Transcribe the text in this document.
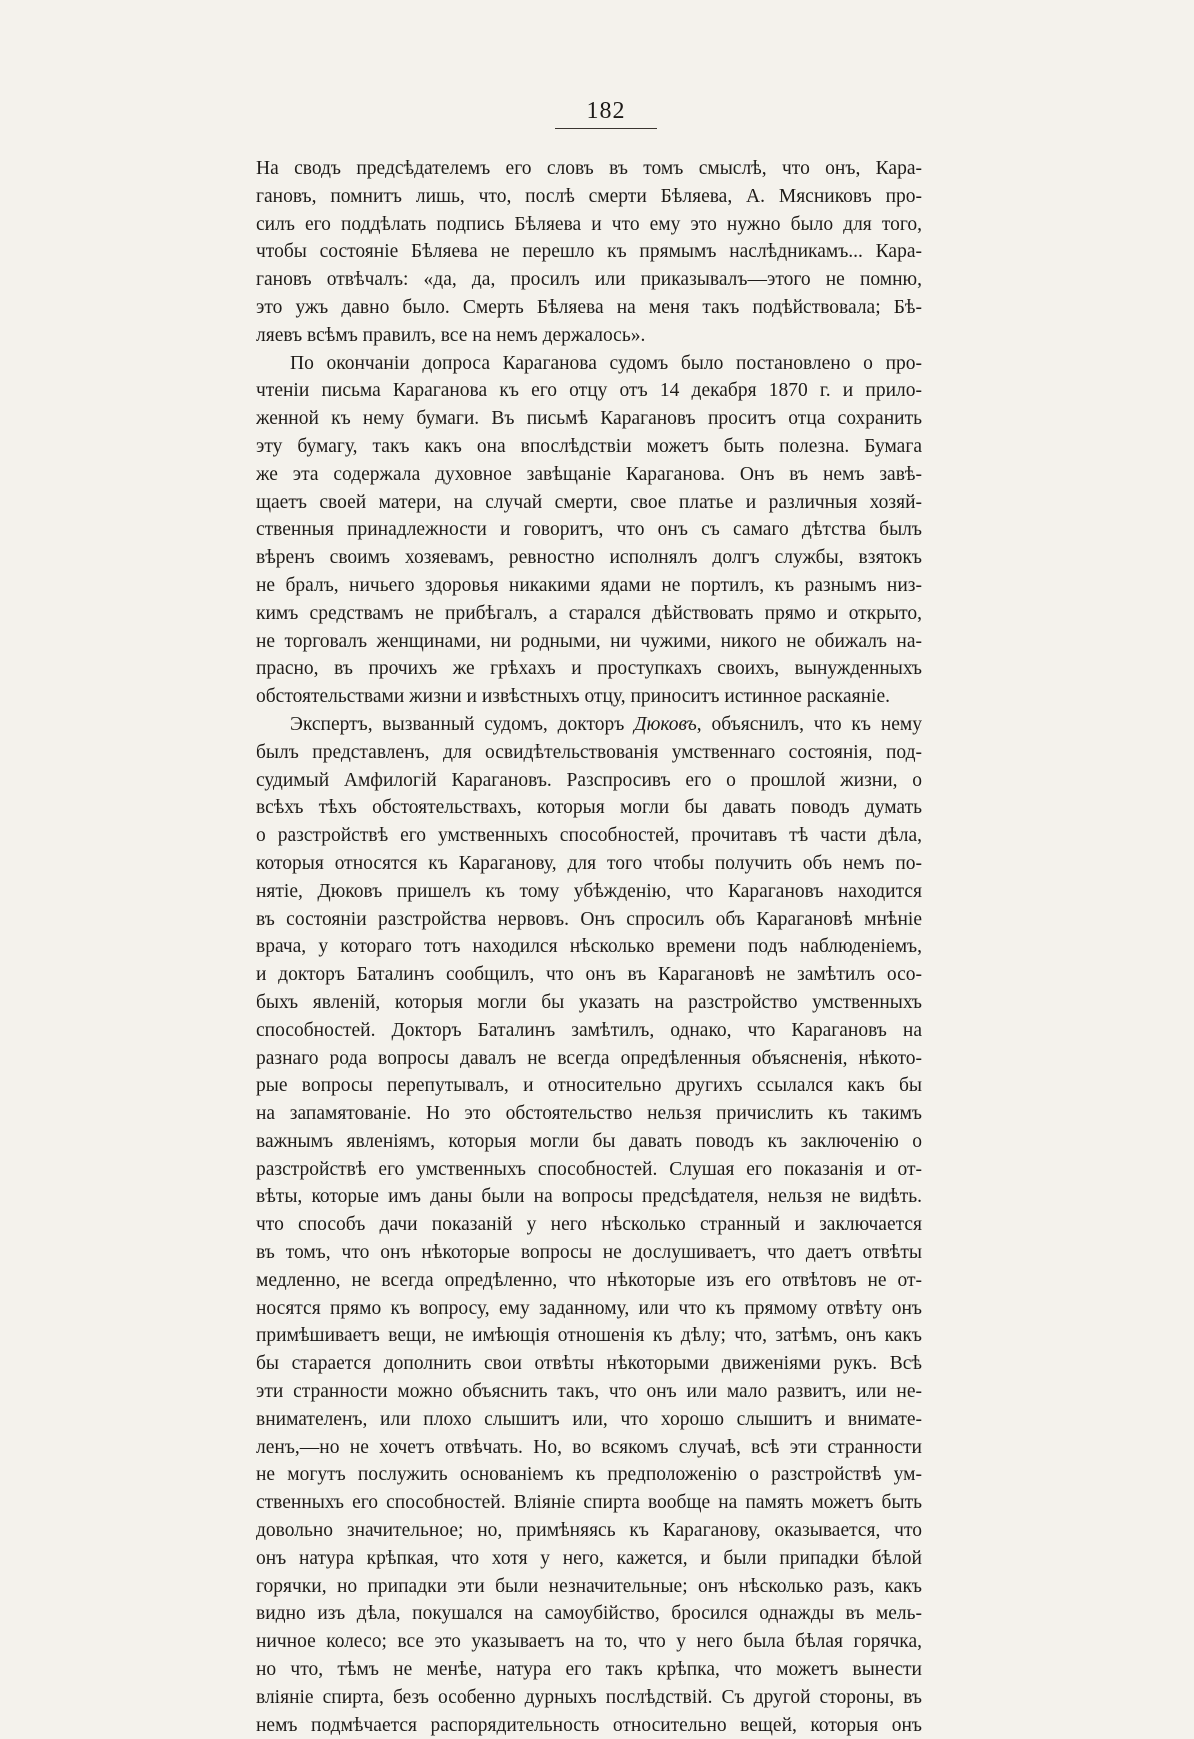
182
На сводъ предсѣдателемъ его словъ въ томъ смыслѣ, что онъ, Кара-
гановъ, помнитъ лишь, что, послѣ смерти Бѣляева, А. Мясниковъ про-
силъ его поддѣлать подпись Бѣляева и что ему это нужно было для того,
чтобы состояніе Бѣляева не перешло къ прямымъ наслѣдникамъ... Кара-
гановъ отвѣчалъ: «да, да, просилъ или приказывалъ—этого не помню,
это ужъ давно было. Смерть Бѣляева на меня такъ подѣйствовала; Бѣ-
ляевъ всѣмъ правилъ, все на немъ держалось».
По окончаніи допроса Караганова судомъ было постановлено о про-
чтеніи письма Караганова къ его отцу отъ 14 декабря 1870 г. и прило-
женной къ нему бумаги. Въ письмѣ Карагановъ проситъ отца сохранить
эту бумагу, такъ какъ она впослѣдствіи можетъ быть полезна. Бумага
же эта содержала духовное завѣщаніе Караганова. Онъ въ немъ завѣ-
щаетъ своей матери, на случай смерти, свое платье и различныя хозяй-
ственныя принадлежности и говоритъ, что онъ съ самаго дѣтства былъ
вѣренъ своимъ хозяевамъ, ревностно исполнялъ долгъ службы, взятокъ
не бралъ, ничьего здоровья никакими ядами не портилъ, къ разнымъ низ-
кимъ средствамъ не прибѣгалъ, а старался дѣйствовать прямо и открыто,
не торговалъ женщинами, ни родными, ни чужими, никого не обижалъ на-
прасно, въ прочихъ же грѣхахъ и проступкахъ своихъ, вынужденныхъ
обстоятельствами жизни и извѣстныхъ отцу, приноситъ истинное раскаяніе.
Экспертъ, вызванный судомъ, докторъ Дюковъ, объяснилъ, что къ нему
былъ представленъ, для освидѣтельствованія умственнаго состоянія, под-
судимый Амфилогій Карагановъ. Разспросивъ его о прошлой жизни, о
всѣхъ тѣхъ обстоятельствахъ, которыя могли бы давать поводъ думать
о разстройствѣ его умственныхъ способностей, прочитавъ тѣ части дѣла,
которыя относятся къ Караганову, для того чтобы получить объ немъ по-
нятіе, Дюковъ пришелъ къ тому убѣжденію, что Карагановъ находится
въ состояніи разстройства нервовъ. Онъ спросилъ объ Карагановѣ мнѣніе
врача, у котораго тотъ находился нѣсколько времени подъ наблюденіемъ,
и докторъ Баталинъ сообщилъ, что онъ въ Карагановѣ не замѣтилъ осо-
быхъ явленій, которыя могли бы указать на разстройство умственныхъ
способностей. Докторъ Баталинъ замѣтилъ, однако, что Карагановъ на
разнаго рода вопросы давалъ не всегда опредѣленныя объясненія, нѣкото-
рые вопросы перепутывалъ, и относительно другихъ ссылался какъ бы
на запамятованіе. Но это обстоятельство нельзя причислить къ такимъ
важнымъ явленіямъ, которыя могли бы давать поводъ къ заключенію о
разстройствѣ его умственныхъ способностей. Слушая его показанія и от-
вѣты, которые имъ даны были на вопросы предсѣдателя, нельзя не видѣть.
что способъ дачи показаній у него нѣсколько странный и заключается
въ томъ, что онъ нѣкоторые вопросы не дослушиваетъ, что даетъ отвѣты
медленно, не всегда опредѣленно, что нѣкоторые изъ его отвѣтовъ не от-
носятся прямо къ вопросу, ему заданному, или что къ прямому отвѣту онъ
примѣшиваетъ вещи, не имѣющія отношенія къ дѣлу; что, затѣмъ, онъ какъ
бы старается дополнить свои отвѣты нѣкоторыми движеніями рукъ. Всѣ
эти странности можно объяснить такъ, что онъ или мало развитъ, или не-
внимателенъ, или плохо слышитъ или, что хорошо слышитъ и внимате-
ленъ,—но не хочетъ отвѣчать. Но, во всякомъ случаѣ, всѣ эти странности
не могутъ послужить основаніемъ къ предположенію о разстройствѣ ум-
ственныхъ его способностей. Вліяніе спирта вообще на память можетъ быть
довольно значительное; но, примѣняясь къ Караганову, оказывается, что
онъ натура крѣпкая, что хотя у него, кажется, и были припадки бѣлой
горячки, но припадки эти были незначительные; онъ нѣсколько разъ, какъ
видно изъ дѣла, покушался на самоубійство, бросился однажды въ мель-
ничное колесо; все это указываетъ на то, что у него была бѣлая горячка,
но что, тѣмъ не менѣе, натура его такъ крѣпка, что можетъ вынести
вліяніе спирта, безъ особенно дурныхъ послѣдствій. Съ другой стороны, въ
немъ подмѣчается распорядительность относительно вещей, которыя онъ
